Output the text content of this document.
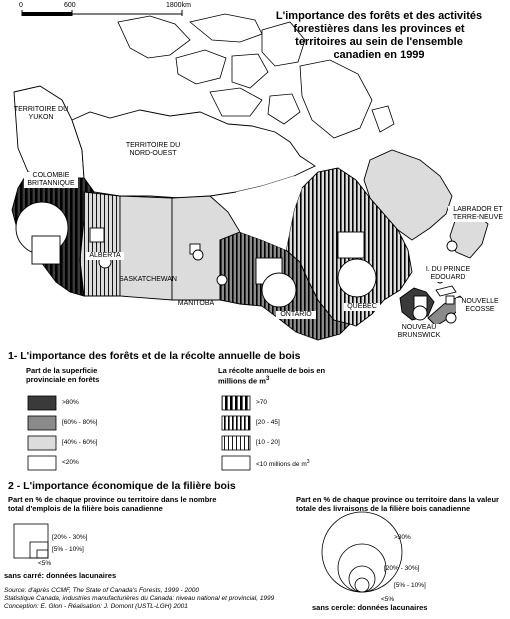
0	600	1800km
L'importance des forêts et des activités forestières dans les provinces et territoires au sein de l'ensemble canadien en 1999
TERRITOIRE DU YUKON
TERRITOIRE DU NORD-OUEST
COLOMBIE BRITANNIQUE
ALBERTA
SASKATCHEWAN
MANITOBA
ONTARIO
QUEBEC
LABRADOR ET TERRE-NEUVE
NOUVEAU BRUNSWICK
I. DU PRINCE EDOUARD
NOUVELLE ECOSSE
1- L'importance des forêts et de la récolte annuelle de bois
Part de la superficie provinciale en forêts
>80%
[60% - 80%]
[40% - 60%]
<20%
La récolte annuelle de bois en millions de $m^3$
>70
[20 - 45]
[10 - 20]
<10 millions de $m^3$
2 - L'importance économique de la filière bois
Part en % de chaque province ou territoire dans le nombre total d'emplois de la filière bois canadienne
[20% - 30%]
[5% - 10%]
<5%
sans carré: données lacunaires
Part en % de chaque province ou territoire dans la valeur totale des livraisons de la filière bois canadienne
>30%
[20% - 30%]
[5% - 10%]
<5%
sans cercle: données lacunaires
Source: d'après CCMF, The State of Canada's Forests, 1999 - 2000
Statistique Canada, industries manufacturières du Canada: niveau national et provincial, 1999
Conception: E. Glon - Réalisation: J. Domont (USTL-LGH) 2001
